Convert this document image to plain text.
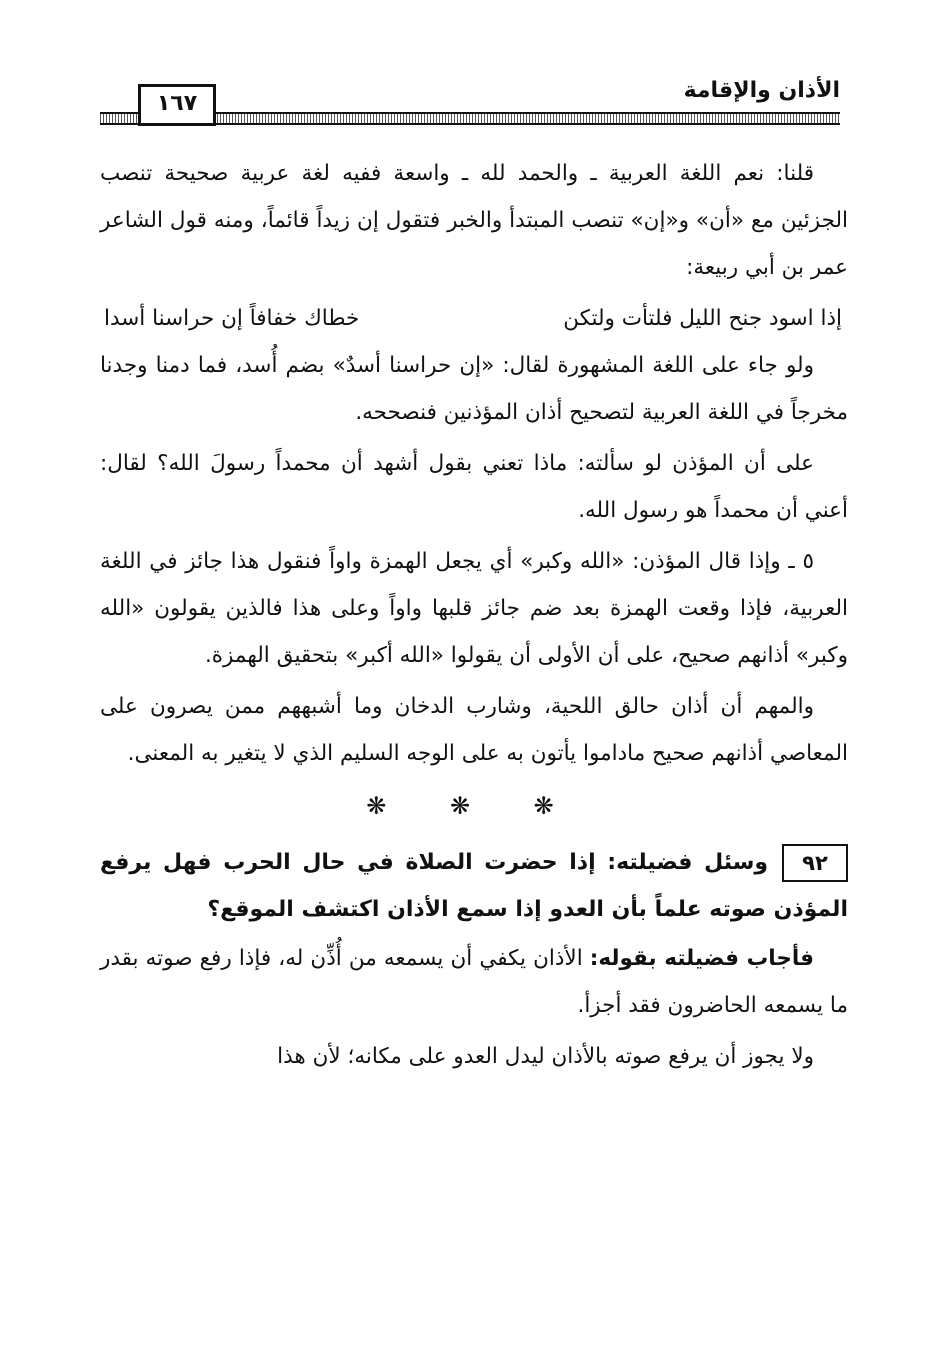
الأذان والإقامة
١٦٧

قلنا: نعم اللغة العربية ـ والحمد لله ـ واسعة ففيه لغة عربية صحيحة تنصب الجزئين مع «أن» و«إن» تنصب المبتدأ والخبر فتقول إن زيداً قائماً، ومنه قول الشاعر عمر بن أبي ربيعة:

إذا اسود جنح الليل فلتأت ولتكن
خطاك خفافاً إن حراسنا أسدا

ولو جاء على اللغة المشهورة لقال: «إن حراسنا أسدٌ» بضم أُسد، فما دمنا وجدنا مخرجاً في اللغة العربية لتصحيح أذان المؤذنين فنصححه.

على أن المؤذن لو سألته: ماذا تعني بقول أشهد أن محمداً رسولَ الله؟ لقال: أعني أن محمداً هو رسول الله.

٥ ـ وإذا قال المؤذن: «الله وكبر» أي يجعل الهمزة واواً فنقول هذا جائز في اللغة العربية، فإذا وقعت الهمزة بعد ضم جائز قلبها واواً وعلى هذا فالذين يقولون «الله وكبر» أذانهم صحيح، على أن الأولى أن يقولوا «الله أكبر» بتحقيق الهمزة.

والمهم أن أذان حالق اللحية، وشارب الدخان وما أشبههم ممن يصرون على المعاصي أذانهم صحيح ماداموا يأتون به على الوجه السليم الذي لا يتغير به المعنى.

❋ ❋ ❋

٩٢وسئل فضيلته: إذا حضرت الصلاة في حال الحرب فهل يرفع المؤذن صوته علماً بأن العدو إذا سمع الأذان اكتشف الموقع؟

فأجاب فضيلته بقوله: الأذان يكفي أن يسمعه من أُذِّن له، فإذا رفع صوته بقدر ما يسمعه الحاضرون فقد أجزأ.

ولا يجوز أن يرفع صوته بالأذان ليدل العدو على مكانه؛ لأن هذا
